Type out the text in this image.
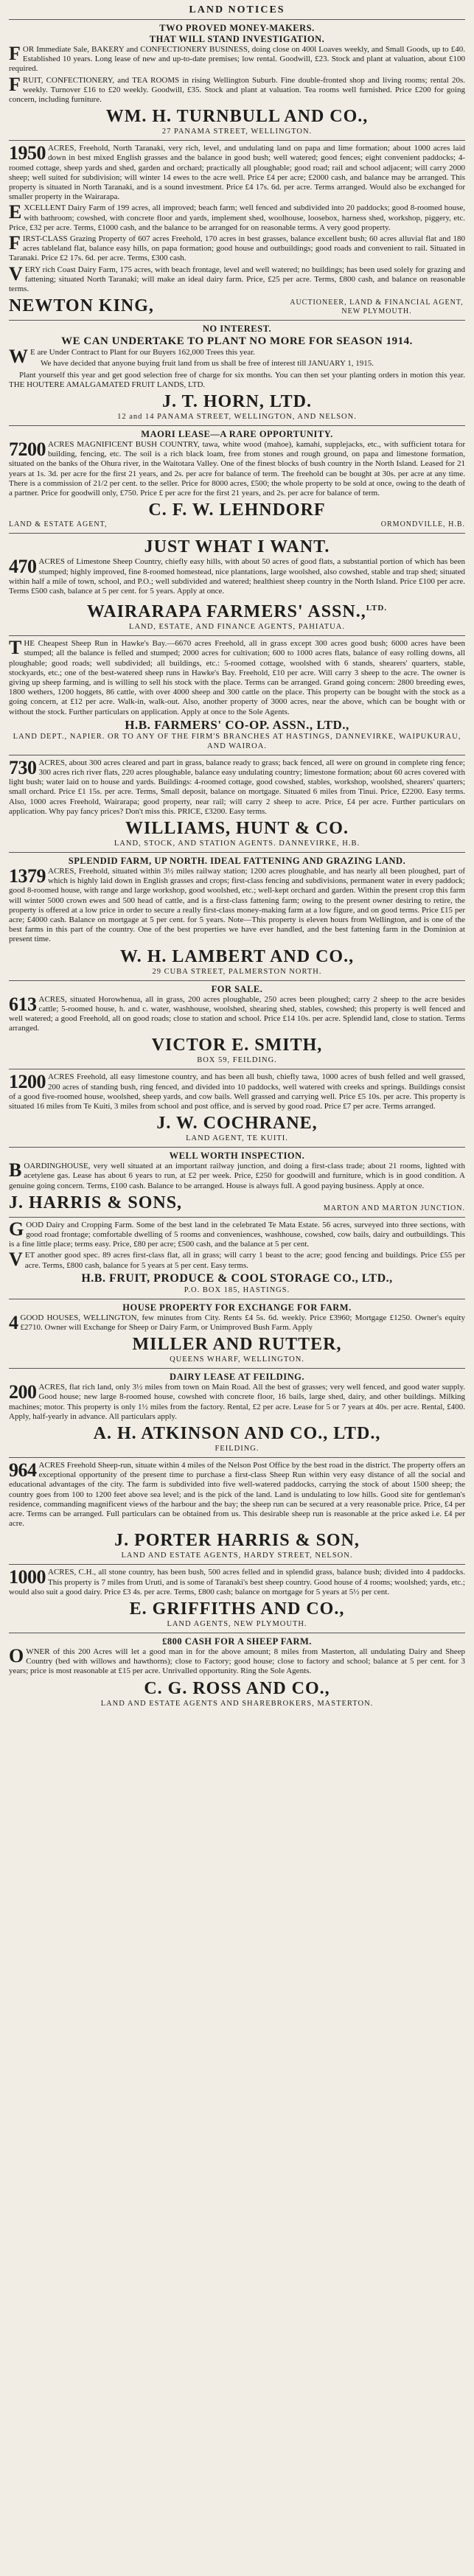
LAND NOTICES
TWO PROVED MONEY-MAKERS.
THAT WILL STAND INVESTIGATION.

FOR Immediate Sale, BAKERY and CONFECTIONERY BUSINESS, doing close on 400l Loaves weekly, and Small Goods, up to £40. Established 10 years. Long lease of new and up-to-date premises; low rental. Goodwill, £23. Stock and plant at valuation, about £100 required.

FRUIT, CONFECTIONERY, and TEA ROOMS in rising Wellington Suburb. Fine double-fronted shop and living rooms; rental 20s. weekly. Turnover £16 to £20 weekly. Goodwill, £35. Stock and plant at valuation. Tea rooms well furnished. Price £200 for going concern, including furniture.

WM. H. TURNBULL AND CO.,
27 PANAMA STREET, WELLINGTON.

1950 ACRES, Freehold, North Taranaki, very rich, level, and undulating land on papa and lime formation; about 1000 acres laid down in best mixed English grasses and the balance in good bush; well watered; good fences; eight convenient paddocks; 4-roomed cottage, sheep yards and shed, garden and orchard; practically all ploughable; good road; rail and school adjacent; will carry 2000 sheep; well suited for subdivision; will winter 14 ewes to the acre well. Price £4 per acre; £2000 cash, and balance may be arranged. This property is situated in North Taranaki, and is a sound investment. Price £4 17s. 6d. per acre. Terms arranged. Would also be exchanged for smaller property in the Wairarapa.

EXCELLENT Dairy Farm of 199 acres, all improved; beach farm; well fenced and subdivided into 20 paddocks; good 8-roomed house, with bathroom; cowshed, with concrete floor and yards, implement shed, woolhouse, loosebox, harness shed, workshop, piggery, etc. Price, £32 per acre. Terms, £1000 cash, and the balance to be arranged for on reasonable terms. A very good property.

FIRST-CLASS Grazing Property of 607 acres Freehold, 170 acres in best grasses, balance excellent bush; 60 acres alluvial flat and 180 acres tableland flat, balance easy hills, on papa formation; good house and outbuildings; good roads and convenient to rail. Situated in Taranaki. Price £2 17s. 6d. per acre. Terms, £300 cash.

VERY rich Coast Dairy Farm, 175 acres, with beach frontage, level and well watered; no buildings; has been used solely for grazing and fattening; situated North Taranaki; will make an ideal dairy farm. Price, £25 per acre. Terms, £800 cash, and balance on reasonable terms.

NEWTON KING,	AUCTIONEER, LAND & FINANCIAL AGENT, NEW PLYMOUTH.
NO INTEREST.
WE CAN UNDERTAKE TO PLANT NO MORE FOR SEASON 1914.

W E are Under Contract to Plant for our Buyers 162,000 Trees this year.

We have decided that anyone buying fruit land from us shall be free of interest till JANUARY 1, 1915.

Plant yourself this year and get good selection free of charge for six months. You can then set your planting orders in motion this year. THE HOUTERE AMALGAMATED FRUIT LANDS, LTD.

J. T. HORN, LTD.
12 and 14 PANAMA STREET, WELLINGTON, AND NELSON.
MAORI LEASE—A RARE OPPORTUNITY.

7200 ACRES MAGNIFICENT BUSH COUNTRY, tawa, white wood (mahoe), kamahi, supplejacks, etc., with sufficient totara for building, fencing, etc. The soil is a rich black loam, free from stones and rough ground, on papa and limestone formation, situated on the banks of the Ohura river, in the Waitotara Valley. One of the finest blocks of bush country in the North Island. Leased for 21 years at 1s. 3d. per acre for the first 21 years, and 2s. per acre for balance of term. The freehold can be bought at 30s. per acre at any time. There is a commission of 21/2 per cent. to the seller. Price for 8000 acres, £500; the whole property to be sold at once, owing to the death of a partner. Price for goodwill only, £750. Price £ per acre for the first 21 years, and 2s. per acre for balance of term.

C. F. W. LEHNDORF
LAND & ESTATE AGENT,	ORMONDVILLE, H.B.
JUST WHAT I WANT.

470 ACRES of Limestone Sheep Country, chiefly easy hills, with about 50 acres of good flats, a substantial portion of which has been stumped; highly improved, fine 8-roomed homestead, nice plantations, large woolshed, also cowshed, stable and trap shed; situated within half a mile of town, school, and P.O.; well subdivided and watered; healthiest sheep country in the North Island. Price £100 per acre. Terms £500 cash, balance at 5 per cent. for 5 years. Apply at once.

WAIRARAPA FARMERS' ASSN.,$^{LTD.}$
LAND, ESTATE, AND FINANCE AGENTS, PAHIATUA.

THE Cheapest Sheep Run in Hawke's Bay.—6670 acres Freehold, all in grass except 300 acres good bush; 6000 acres have been stumped; all the balance is felled and stumped; 2000 acres for cultivation; 600 to 1000 acres flats, balance of easy rolling downs, all ploughable; good roads; well subdivided; all buildings, etc.: 5-roomed cottage, woolshed with 6 stands, shearers' quarters, stable, stockyards, etc.; one of the best-watered sheep runs in Hawke's Bay. Freehold, £10 per acre. Will carry 3 sheep to the acre. The owner is giving up sheep farming, and is willing to sell his stock with the place. Terms can be arranged. Grand going concern: 2800 breeding ewes, 1800 wethers, 1200 hoggets, 86 cattle, with over 4000 sheep and 300 cattle on the place. This property can be bought with the stock as a going concern, at £12 per acre. Walk-in, walk-out. Also, another property of 3000 acres, near the above, which can be bought with or without the stock. Further particulars on application. Apply at once to the Sole Agents.

H.B. FARMERS' CO-OP. ASSN., LTD.,
LAND DEPT., NAPIER. OR TO ANY OF THE FIRM'S BRANCHES AT HASTINGS, DANNEVIRKE, WAIPUKURAU, AND WAIROA.

730 ACRES, about 300 acres cleared and part in grass, balance ready to grass; back fenced, all were on ground in complete ring fence; 300 acres rich river flats, 220 acres ploughable, balance easy undulating country; limestone formation; about 60 acres covered with light bush; water laid on to house and yards. Buildings: 4-roomed cottage, good cowshed, stables, workshop, woolshed, shearers' quarters; small orchard. Price £1 15s. per acre. Terms, Small deposit, balance on mortgage. Situated 6 miles from Tinui. Price, £2200. Easy terms. Also, 1000 acres Freehold, Wairarapa; good property, near rail; will carry 2 sheep to acre. Price, £4 per acre. Further particulars on application. Why pay fancy prices? Don't miss this. PRICE, £3200. Easy terms.

WILLIAMS, HUNT & CO.
LAND, STOCK, AND STATION AGENTS. DANNEVIRKE, H.B.
SPLENDID FARM, UP NORTH. IDEAL FATTENING AND GRAZING LAND.

1379 ACRES, Freehold, situated within 3½ miles railway station; 1200 acres ploughable, and has nearly all been ploughed, part of which is highly laid down in English grasses and crops; first-class fencing and subdivisions, permanent water in every paddock; good 8-roomed house, with range and large workshop, good woolshed, etc.; well-kept orchard and garden. Within the present crop this farm will winter 5000 crown ewes and 500 head of cattle, and is a first-class fattening farm; owing to the present owner desiring to retire, the property is offered at a low price in order to secure a really first-class money-making farm at a low figure, and on good terms. Price £15 per acre; £4000 cash. Balance on mortgage at 5 per cent. for 5 years. Note—This property is eleven hours from Wellington, and is one of the best farms in this part of the country. One of the best properties we have ever handled, and the best fattening farm in the Dominion at present time.

W. H. LAMBERT AND CO.,
29 CUBA STREET, PALMERSTON NORTH.
FOR SALE.

613 ACRES, situated Horowhenua, all in grass, 200 acres ploughable, 250 acres been ploughed; carry 2 sheep to the acre besides cattle; 5-roomed house, h. and c. water, washhouse, woolshed, shearing shed, stables, cowshed; this property is well fenced and well watered; a good Freehold, all on good roads; close to station and school. Price £14 10s. per acre. Splendid land, close to station. Terms arranged.

VICTOR E. SMITH,
BOX 59, FEILDING.

1200 ACRES Freehold, all easy limestone country, and has been all bush, chiefly tawa, 1000 acres of bush felled and well grassed, 200 acres of standing bush, ring fenced, and divided into 10 paddocks, well watered with creeks and springs. Buildings consist of a good five-roomed house, woolshed, sheep yards, and cow bails. Well grassed and carrying well. Price £5 10s. per acre. This property is situated 16 miles from Te Kuiti, 3 miles from school and post office, and is served by good road. Price £7 per acre. Terms arranged.

J. W. COCHRANE,
LAND AGENT, TE KUITI.
WELL WORTH INSPECTION.

BOARDINGHOUSE, very well situated at an important railway junction, and doing a first-class trade; about 21 rooms, lighted with acetylene gas. Lease has about 6 years to run, at £2 per week. Price, £250 for goodwill and furniture, which is in good condition. A genuine going concern. Terms, £100 cash. Balance to be arranged. House is always full. A good paying business. Apply at once.

J. HARRIS & SONS,	MARTON AND MARTON JUNCTION.

GOOD Dairy and Cropping Farm. Some of the best land in the celebrated Te Mata Estate. 56 acres, surveyed into three sections, with good road frontage; comfortable dwelling of 5 rooms and conveniences, washhouse, cowshed, cow bails, dairy and outbuildings. This is a fine little place; terms easy. Price, £80 per acre; £500 cash, and the balance at 5 per cent.

VET another good spec. 89 acres first-class flat, all in grass; will carry 1 beast to the acre; good fencing and buildings. Price £55 per acre. Terms, £800 cash, balance for 5 years at 5 per cent. Easy terms.

H.B. FRUIT, PRODUCE & COOL STORAGE CO., LTD.,
P.O. BOX 185, HASTINGS.
HOUSE PROPERTY FOR EXCHANGE FOR FARM.

4 GOOD HOUSES, WELLINGTON, few minutes from City. Rents £4 5s. 6d. weekly. Price £3960; Mortgage £1250. Owner's equity £2710. Owner will Exchange for Sheep or Dairy Farm, or Unimproved Bush Farm. Apply

MILLER AND RUTTER,
QUEENS WHARF, WELLINGTON.
DAIRY LEASE AT FEILDING.

200 ACRES, flat rich land, only 3½ miles from town on Main Road. All the best of grasses; very well fenced, and good water supply. Good house; new large 8-roomed house, cowshed with concrete floor, 16 bails, large shed, dairy, and other buildings. Milking machines; motor. This property is only 1½ miles from the factory. Rental, £2 per acre. Lease for 5 or 7 years at 40s. per acre. Rental, £400. Apply, half-yearly in advance. All particulars apply.

A. H. ATKINSON AND CO., LTD.,
FEILDING.

964 ACRES Freehold Sheep-run, situate within 4 miles of the Nelson Post Office by the best road in the district. The property offers an exceptional opportunity of the present time to purchase a first-class Sheep Run within very easy distance of all the social and educational advantages of the city. The farm is subdivided into five well-watered paddocks, carrying the stock of about 1500 sheep; the country goes from 100 to 1200 feet above sea level; and is the pick of the land. Land is undulating to low hills. Good site for gentleman's residence, commanding magnificent views of the harbour and the bay; the sheep run can be secured at a very reasonable price. Price, £4 per acre. Terms can be arranged. Full particulars can be obtained from us. This desirable sheep run is reasonable at the price asked i.e. £4 per acre.

J. PORTER HARRIS & SON,
LAND AND ESTATE AGENTS, HARDY STREET, NELSON.

1000 ACRES, C.H., all stone country, has been bush, 500 acres felled and in splendid grass, balance bush; divided into 4 paddocks. This property is 7 miles from Uruti, and is some of Taranaki's best sheep country. Good house of 4 rooms; woolshed; yards, etc.; would also suit a good dairy. Price £3 4s. per acre. Terms, £800 cash; balance on mortgage for 5 years at 5½ per cent.

E. GRIFFITHS AND CO.,
LAND AGENTS, NEW PLYMOUTH.
£800 CASH FOR A SHEEP FARM.

OWNER of this 200 Acres will let a good man in for the above amount; 8 miles from Masterton, all undulating Dairy and Sheep Country (bed with willows and hawthorns); close to Factory; good house; close to factory and school; balance at 5 per cent. for 3 years; price is most reasonable at £15 per acre. Unrivalled opportunity. Ring the Sole Agents.

C. G. ROSS AND CO.,
LAND AND ESTATE AGENTS AND SHAREBROKERS, MASTERTON.
